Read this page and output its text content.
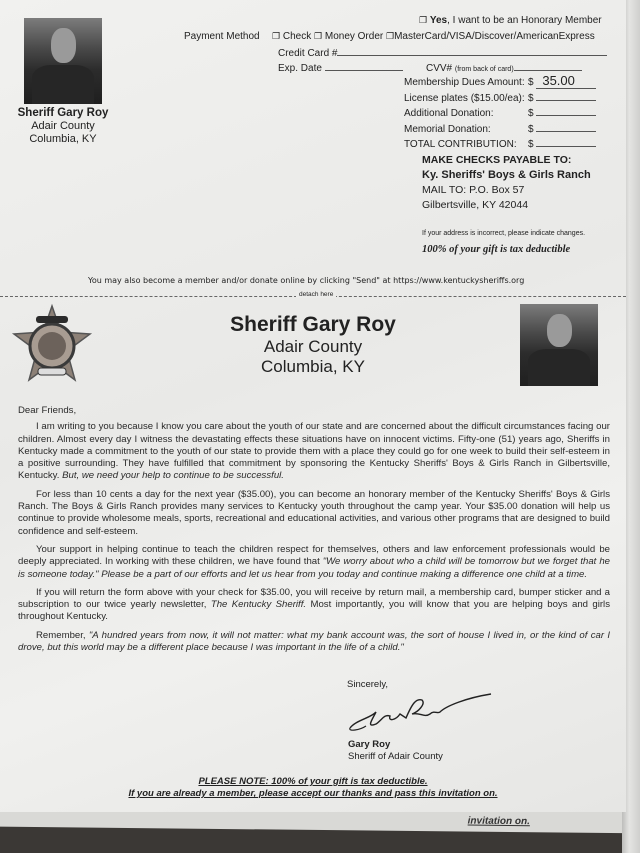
invitation on.
Sheriff Gary Roy
Adair County
Columbia, KY
❐ Yes, I want to be an Honorary Member
Payment Method ❐ Check ❐ Money Order ❐MasterCard/VISA/Discover/AmericanExpress
Credit Card #
Exp. Date	CVV# (from back of card)
Membership Dues Amount: $ 35.00
License plates ($15.00/ea): $
Additional Donation:	$
Memorial Donation:	$
TOTAL CONTRIBUTION: $
MAKE CHECKS PAYABLE TO:
Ky. Sheriffs' Boys & Girls Ranch
MAIL TO: P.O. Box 57
Gilbertsville, KY 42044
If your address is incorrect, please indicate changes.
100% of your gift is tax deductible
You may also become a member and/or donate online by clicking "Send" at https://www.kentuckysheriffs.org
detach here
Sheriff Gary Roy
Adair County
Columbia, KY
Dear Friends,

I am writing to you because I know you care about the youth of our state and are concerned about the difficult circumstances facing our children. Almost every day I witness the devastating effects these situations have on innocent victims. Fifty-one (51) years ago, Sheriffs in Kentucky made a commitment to the youth of our state to provide them with a place they could go for one week to build their self-esteem in a positive surrounding. They have fulfilled that commitment by sponsoring the Kentucky Sheriffs' Boys & Girls Ranch in Gilbertsville, Kentucky. But, we need your help to continue to be successful.

For less than 10 cents a day for the next year ($35.00), you can become an honorary member of the Kentucky Sheriffs' Boys & Girls Ranch. The Boys & Girls Ranch provides many services to Kentucky youth throughout the camp year. Your $35.00 donation will help us continue to provide wholesome meals, sports, recreational and educational activities, and various other programs that are designed to build confidence and self-esteem.

Your support in helping continue to teach the children respect for themselves, others and law enforcement professionals would be deeply appreciated. In working with these children, we have found that "We worry about who a child will be tomorrow but we forget that he is someone today." Please be a part of our efforts and let us hear from you today and continue making a difference one child at a time.

If you will return the form above with your check for $35.00, you will receive by return mail, a membership card, bumper sticker and a subscription to our twice yearly newsletter, The Kentucky Sheriff. Most importantly, you will know that you are helping boys and girls throughout Kentucky.

Remember, "A hundred years from now, it will not matter: what my bank account was, the sort of house I lived in, or the kind of car I drove, but this world may be a different place because I was important in the life of a child."

Sincerely,
Gary Roy
Sheriff of Adair County
PLEASE NOTE: 100% of your gift is tax deductible.
If you are already a member, please accept our thanks and pass this invitation on.
